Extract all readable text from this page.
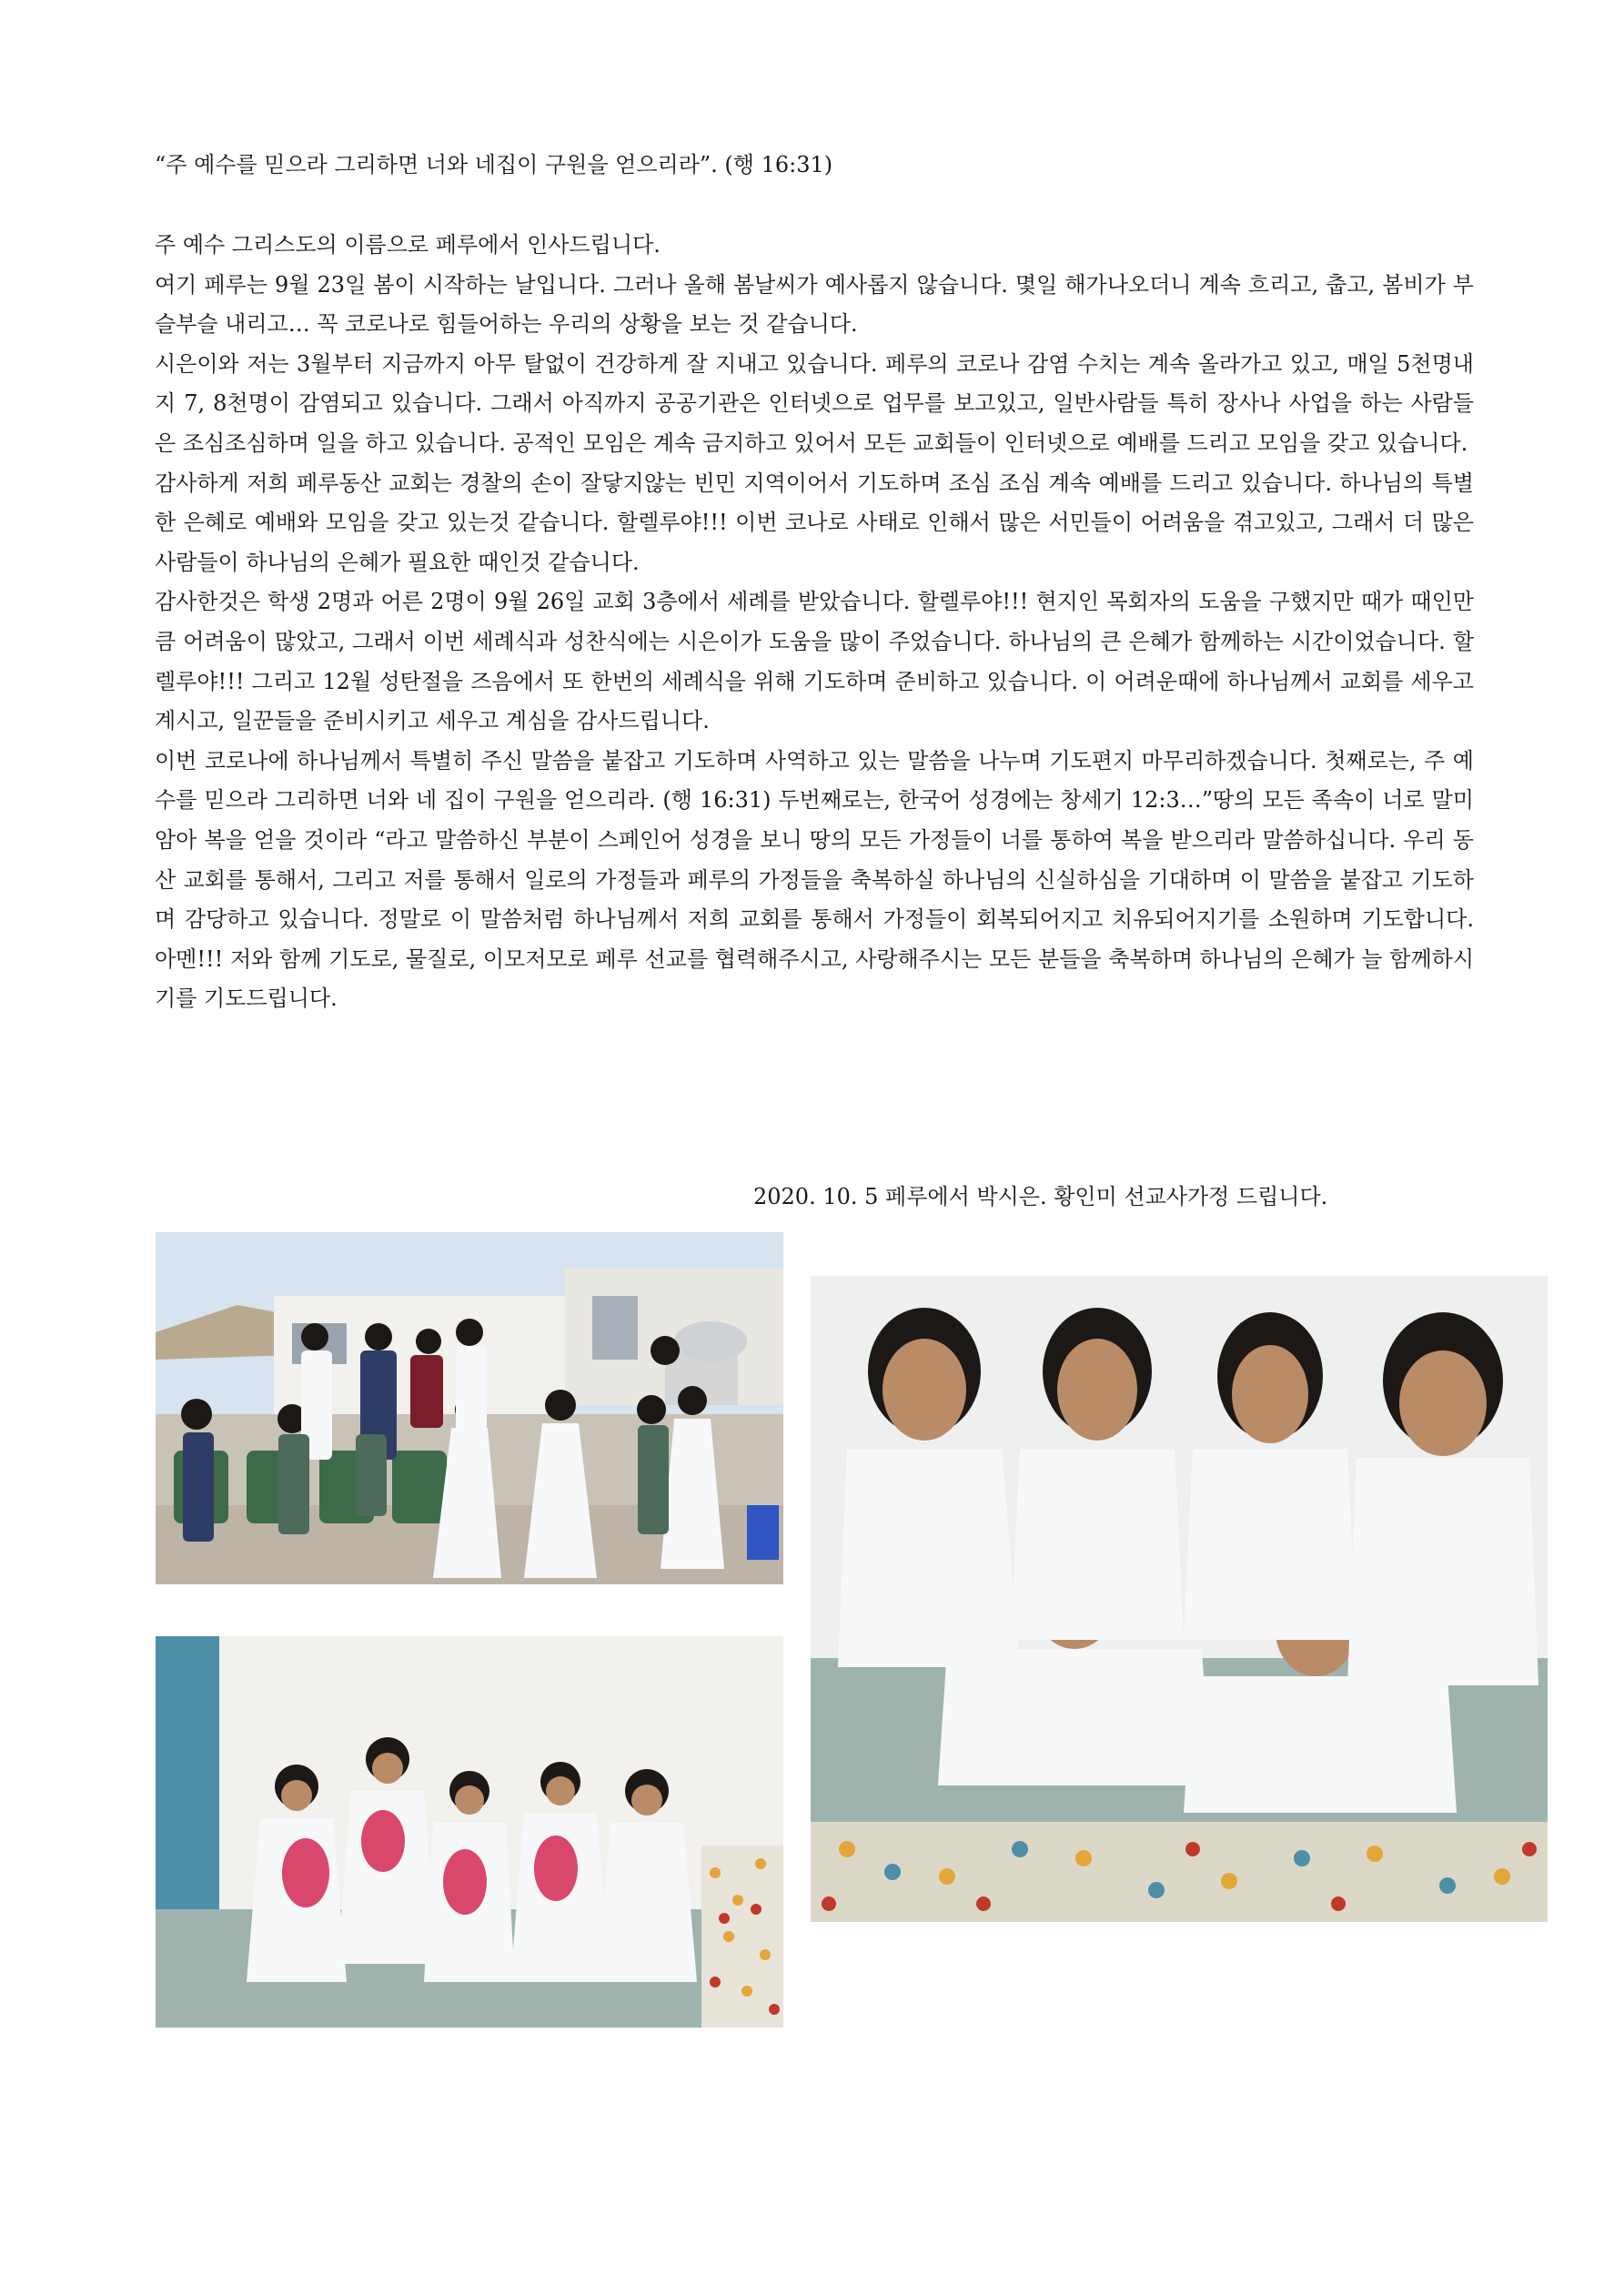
“주 예수를 믿으라 그리하면 너와 네집이 구원을 얻으리라”. (행 16:31)

주 예수 그리스도의 이름으로 페루에서 인사드립니다.

여기 페루는 9월 23일 봄이 시작하는 날입니다. 그러나 올해 봄날씨가 예사롭지 않습니다. 몇일 해가나오더니 계속 흐리고, 춥고, 봄비가 부슬부슬 내리고… 꼭 코로나로 힘들어하는 우리의 상황을 보는 것 같습니다.

시은이와 저는 3월부터 지금까지 아무 탈없이 건강하게 잘 지내고 있습니다. 페루의 코로나 감염 수치는 계속 올라가고 있고, 매일 5천명내지 7, 8천명이 감염되고 있습니다. 그래서 아직까지 공공기관은 인터넷으로 업무를 보고있고, 일반사람들 특히 장사나 사업을 하는 사람들은 조심조심하며 일을 하고 있습니다. 공적인 모임은 계속 금지하고 있어서 모든 교회들이 인터넷으로 예배를 드리고 모임을 갖고 있습니다.

감사하게 저희 페루동산 교회는 경찰의 손이 잘닿지않는 빈민 지역이어서 기도하며 조심 조심 계속 예배를 드리고 있습니다. 하나님의 특별한 은혜로 예배와 모임을 갖고 있는것 같습니다. 할렐루야!!! 이번 코나로 사태로 인해서 많은 서민들이 어려움을 겪고있고, 그래서 더 많은 사람들이 하나님의 은혜가 필요한 때인것 같습니다.

감사한것은 학생 2명과 어른 2명이 9월 26일 교회 3층에서 세례를 받았습니다. 할렐루야!!! 현지인 목회자의 도움을 구했지만 때가 때인만큼 어려움이 많았고, 그래서 이번 세례식과 성찬식에는 시은이가 도움을 많이 주었습니다. 하나님의 큰 은혜가 함께하는 시간이었습니다. 할렐루야!!! 그리고 12월 성탄절을 즈음에서 또 한번의 세례식을 위해 기도하며 준비하고 있습니다. 이 어려운때에 하나님께서 교회를 세우고 계시고, 일꾼들을 준비시키고 세우고 계심을 감사드립니다.

이번 코로나에 하나님께서 특별히 주신 말씀을 붙잡고 기도하며 사역하고 있는 말씀을 나누며 기도편지 마무리하겠습니다. 첫째로는, 주 예수를 믿으라 그리하면 너와 네 집이 구원을 얻으리라. (행 16:31) 두번째로는, 한국어 성경에는 창세기 12:3…”땅의 모든 족속이 너로 말미암아 복을 얻을 것이라 “라고 말씀하신 부분이 스페인어 성경을 보니 땅의 모든 가정들이 너를 통하여 복을 받으리라 말씀하십니다. 우리 동산 교회를 통해서, 그리고 저를 통해서 일로의 가정들과 페루의 가정들을 축복하실 하나님의 신실하심을 기대하며 이 말씀을 붙잡고 기도하며 감당하고 있습니다. 정말로 이 말씀처럼 하나님께서 저희 교회를 통해서 가정들이 회복되어지고 치유되어지기를 소원하며 기도합니다. 아멘!!! 저와 함께 기도로, 물질로, 이모저모로 페루 선교를 협력해주시고, 사랑해주시는 모든 분들을 축복하며 하나님의 은혜가 늘 함께하시기를 기도드립니다.

2020. 10. 5 페루에서 박시은. 황인미 선교사가정 드립니다.
